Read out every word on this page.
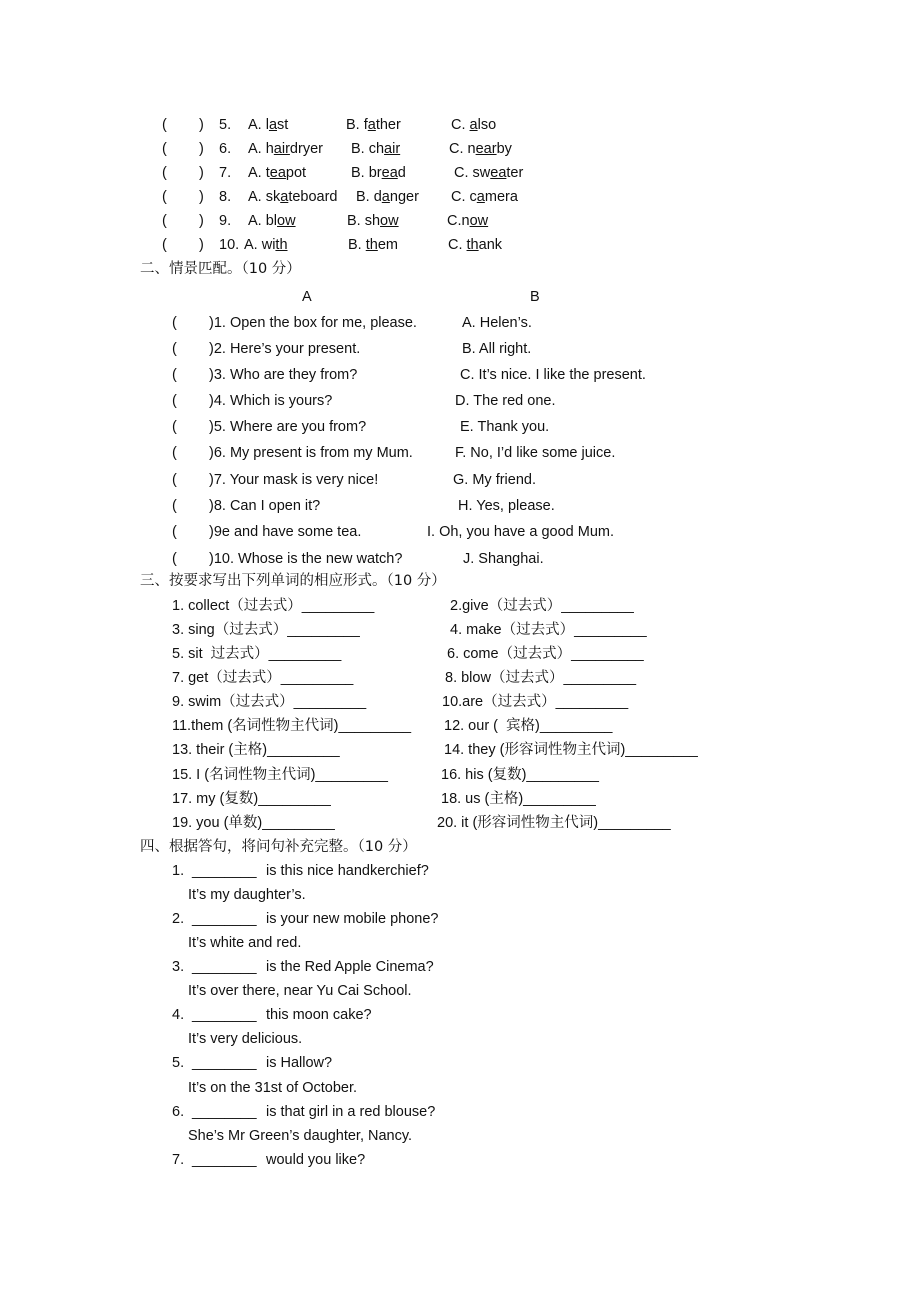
(        ) 5. A. last	B. father	C. also
(        ) 6. A. hairdryer B. chair	C. nearby
(        ) 7. A. teapot	B. bread	C. sweater
(        ) 8. A. skateboard B. danger C. camera
(        ) 9. A. blow	B. show	C.now
(        ) 10. A. with	B. them	C. thank
二、情景匹配。（10 分）
A	B
( )1. Open the box for me, please.	A. Helen’s.
( )2. Here’s your present.	B. All right.
( )3. Who are they from?	C. It’s nice. I like the present.
( )4. Which is yours?	D. The red one.
( )5. Where are you from?	E. Thank you.
( )6. My present is from my Mum.	F. No, I’d like some juice.
( )7. Your mask is very nice!	G. My friend.
( )8. Can I open it?	H. Yes, please.
( )9e and have some tea.	I. Oh, you have a good Mum.
( )10. Whose is the new watch?	J. Shanghai.
三、按要求写出下列单词的相应形式。（10 分）
1. collect（过去式）_________	2.give（过去式）_________
3. sing（过去式）_________	4. make（过去式）_________
5. sit  过去式）_________	6. come（过去式）_________
7. get（过去式）_________	8. blow（过去式）_________
9. swim（过去式）_________	10.are（过去式）_________
11.them (名词性物主代词)_________ 12. our (  宾格)_________
13. their (主格)_________	14. they (形容词性物主代词)_________
15. I (名词性物主代词)_________	16. his (复数)_________
17. my (复数)_________	18. us (主格)_________
19. you (单数)_________	20. it (形容词性物主代词)_________
四、根据答句，将问句补充完整。（10 分）
1. ________ is this nice handkerchief?
It’s my daughter’s.
2. ________ is your new mobile phone?
It’s white and red.
3. ________ is the Red Apple Cinema?
It’s over there, near Yu Cai School.
4. ________ this moon cake?
It’s very delicious.
5. ________ is Hallow?
It’s on the 31st of October.
6. ________ is that girl in a red blouse?
She’s Mr Green’s daughter, Nancy.
7. ________ would you like?
